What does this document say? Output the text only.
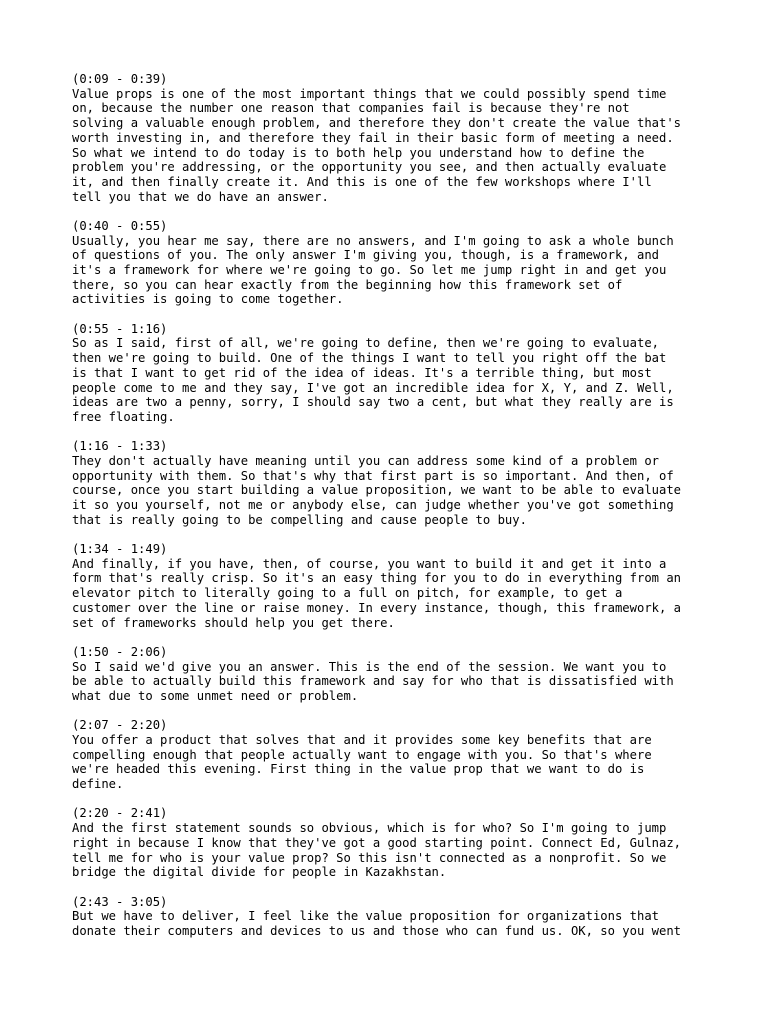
(0:09 - 0:39)
Value props is one of the most important things that we could possibly spend time
on, because the number one reason that companies fail is because they're not
solving a valuable enough problem, and therefore they don't create the value that's
worth investing in, and therefore they fail in their basic form of meeting a need.
So what we intend to do today is to both help you understand how to define the
problem you're addressing, or the opportunity you see, and then actually evaluate
it, and then finally create it. And this is one of the few workshops where I'll
tell you that we do have an answer.
(0:40 - 0:55)
Usually, you hear me say, there are no answers, and I'm going to ask a whole bunch
of questions of you. The only answer I'm giving you, though, is a framework, and
it's a framework for where we're going to go. So let me jump right in and get you
there, so you can hear exactly from the beginning how this framework set of
activities is going to come together.
(0:55 - 1:16)
So as I said, first of all, we're going to define, then we're going to evaluate,
then we're going to build. One of the things I want to tell you right off the bat
is that I want to get rid of the idea of ideas. It's a terrible thing, but most
people come to me and they say, I've got an incredible idea for X, Y, and Z. Well,
ideas are two a penny, sorry, I should say two a cent, but what they really are is
free floating.
(1:16 - 1:33)
They don't actually have meaning until you can address some kind of a problem or
opportunity with them. So that's why that first part is so important. And then, of
course, once you start building a value proposition, we want to be able to evaluate
it so you yourself, not me or anybody else, can judge whether you've got something
that is really going to be compelling and cause people to buy.
(1:34 - 1:49)
And finally, if you have, then, of course, you want to build it and get it into a
form that's really crisp. So it's an easy thing for you to do in everything from an
elevator pitch to literally going to a full on pitch, for example, to get a
customer over the line or raise money. In every instance, though, this framework, a
set of frameworks should help you get there.
(1:50 - 2:06)
So I said we'd give you an answer. This is the end of the session. We want you to
be able to actually build this framework and say for who that is dissatisfied with
what due to some unmet need or problem.
(2:07 - 2:20)
You offer a product that solves that and it provides some key benefits that are
compelling enough that people actually want to engage with you. So that's where
we're headed this evening. First thing in the value prop that we want to do is
define.
(2:20 - 2:41)
And the first statement sounds so obvious, which is for who? So I'm going to jump
right in because I know that they've got a good starting point. Connect Ed, Gulnaz,
tell me for who is your value prop? So this isn't connected as a nonprofit. So we
bridge the digital divide for people in Kazakhstan.
(2:43 - 3:05)
But we have to deliver, I feel like the value proposition for organizations that
donate their computers and devices to us and those who can fund us. OK, so you went
